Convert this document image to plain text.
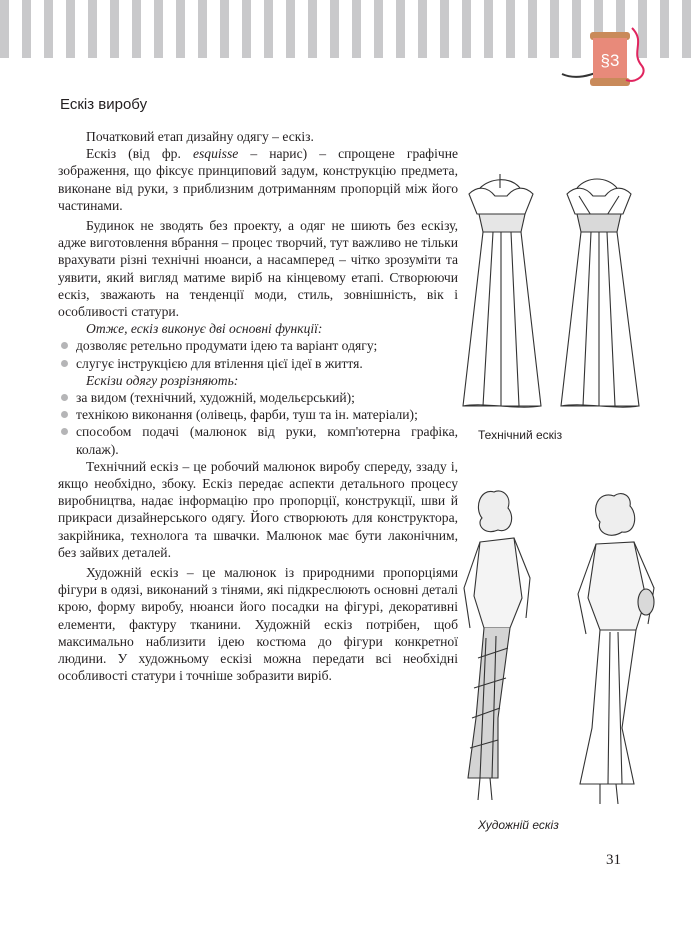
§3
Ескіз виробу

Початковий етап дизайну одягу – ескіз.

Ескіз (від фр. esquisse – нарис) – спрощене графічне зображення, що фіксує принциповий задум, конструкцію предмета, виконане від руки, з приблизним дотриманням пропорцій між його частинами.

Будинок не зводять без проекту, а одяг не шиють без ескізу, адже виготовлення вбрання – процес творчий, тут важливо не тільки врахувати різні технічні нюанси, а насамперед – чітко зрозуміти та уявити, який вигляд матиме виріб на кінцевому етапі. Створюючи ескіз, зважають на тенденції моди, стиль, зовнішність, вік і особливості статури.

Отже, ескіз виконує дві основні функції:

дозволяє ретельно продумати ідею та варіант одягу;
слугує інструкцією для втілення цієї ідеї в життя.

Ескізи одягу розрізняють:

за видом (технічний, художній, модельєрський);
технікою виконання (олівець, фарби, туш та ін. матеріали);
способом подачі (малюнок від руки, комп'ютерна графіка, колаж).

Технічний ескіз – це робочий малюнок виробу спереду, ззаду і, якщо необхідно, збоку. Ескіз передає аспекти детального процесу виробництва, надає інформацію про пропорції, конструкції, шви й прикраси дизайнерського одягу. Його створюють для конструктора, закрійника, технолога та швачки. Малюнок має бути лаконічним, без зайвих деталей.

Художній ескіз – це малюнок із природними пропорціями фігури в одязі, виконаний з тінями, які підкреслюють основні деталі крою, форму виробу, нюанси його посадки на фігурі, декоративні елементи, фактуру тканини. Художній ескіз потрібен, щоб максимально наблизити ідею костюма до фігури конкретної людини. У художньому ескізі можна передати всі необхідні особливості статури і точніше зобразити виріб.

Технічний ескіз
Художній ескіз
31
